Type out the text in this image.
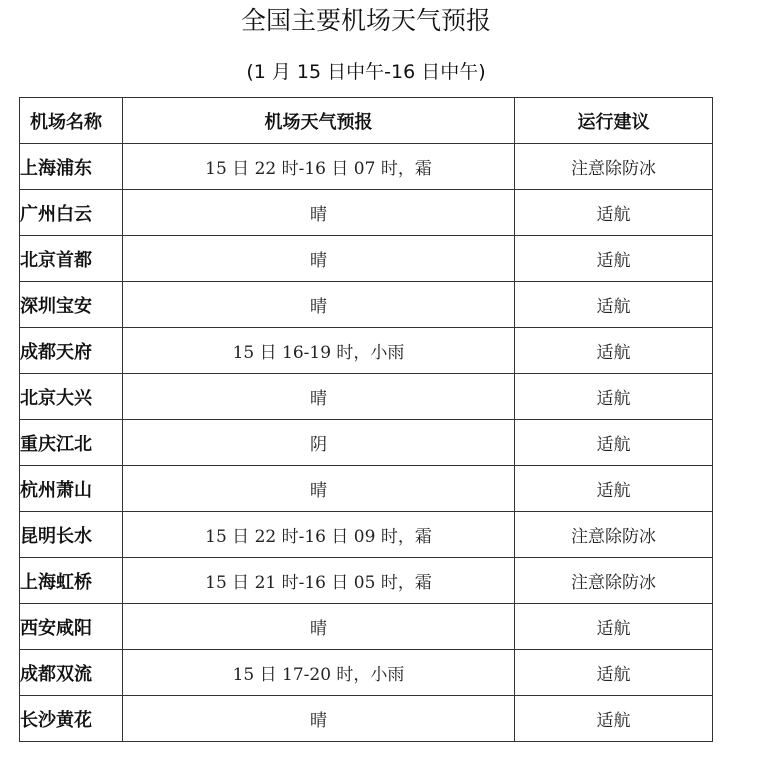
全国主要机场天气预报
(1 月 15 日中午-16 日中午)
机场名称	机场天气预报	运行建议
上海浦东	15 日 22 时-16 日 07 时，霜	注意除防冰
广州白云	晴	适航
北京首都	晴	适航
深圳宝安	晴	适航
成都天府	15 日 16-19 时，小雨	适航
北京大兴	晴	适航
重庆江北	阴	适航
杭州萧山	晴	适航
昆明长水	15 日 22 时-16 日 09 时，霜	注意除防冰
上海虹桥	15 日 21 时-16 日 05 时，霜	注意除防冰
西安咸阳	晴	适航
成都双流	15 日 17-20 时，小雨	适航
长沙黄花	晴	适航
